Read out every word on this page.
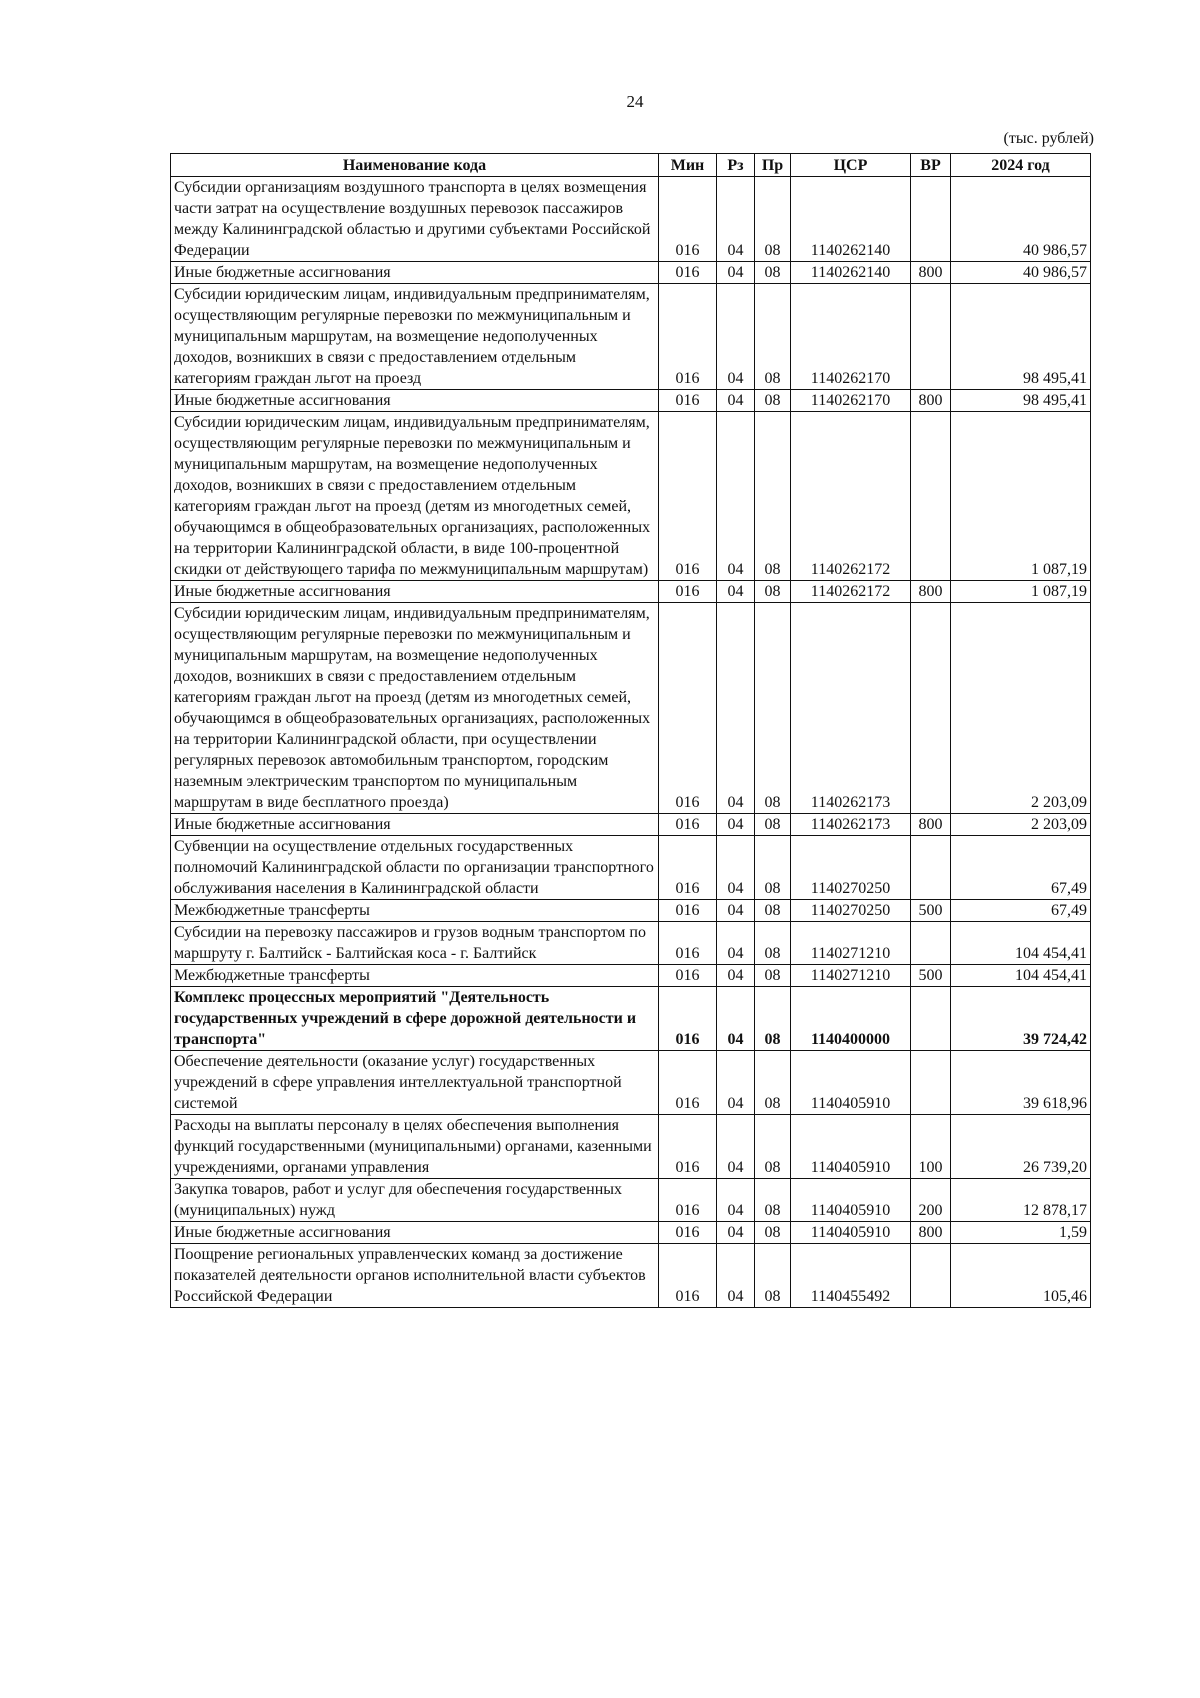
24
(тыс. рублей)
Наименование кода	Мин	Рз	Пр	ЦСР	ВР	2024 год
Субсидии организациям воздушного транспорта в целях возмещения части затрат на осуществление воздушных перевозок пассажиров между Калининградской областью и другими субъектами Российской Федерации	016	04	08	1140262140		40 986,57
Иные бюджетные ассигнования	016	04	08	1140262140	800	40 986,57
Субсидии юридическим лицам, индивидуальным предпринимателям, осуществляющим регулярные перевозки по межмуниципальным и муниципальным маршрутам, на возмещение недополученных доходов, возникших в связи с предоставлением отдельным категориям граждан льгот на проезд	016	04	08	1140262170		98 495,41
Иные бюджетные ассигнования	016	04	08	1140262170	800	98 495,41
Субсидии юридическим лицам, индивидуальным предпринимателям, осуществляющим регулярные перевозки по межмуниципальным и муниципальным маршрутам, на возмещение недополученных доходов, возникших в связи с предоставлением отдельным категориям граждан льгот на проезд (детям из многодетных семей, обучающимся в общеобразовательных организациях, расположенных на территории Калининградской области, в виде 100-процентной скидки от действующего тарифа по межмуниципальным маршрутам)	016	04	08	1140262172		1 087,19
Иные бюджетные ассигнования	016	04	08	1140262172	800	1 087,19
Субсидии юридическим лицам, индивидуальным предпринимателям, осуществляющим регулярные перевозки по межмуниципальным и муниципальным маршрутам, на возмещение недополученных доходов, возникших в связи с предоставлением отдельным категориям граждан льгот на проезд (детям из многодетных семей, обучающимся в общеобразовательных организациях, расположенных на территории Калининградской области, при осуществлении регулярных перевозок автомобильным транспортом, городским наземным электрическим транспортом по муниципальным маршрутам в виде бесплатного проезда)	016	04	08	1140262173		2 203,09
Иные бюджетные ассигнования	016	04	08	1140262173	800	2 203,09
Субвенции на осуществление отдельных государственных полномочий Калининградской области по организации транспортного обслуживания населения в Калининградской области	016	04	08	1140270250		67,49
Межбюджетные трансферты	016	04	08	1140270250	500	67,49
Субсидии на перевозку пассажиров и грузов водным транспортом по маршруту г. Балтийск - Балтийская коса - г. Балтийск	016	04	08	1140271210		104 454,41
Межбюджетные трансферты	016	04	08	1140271210	500	104 454,41
Комплекс процессных мероприятий "Деятельность государственных учреждений в сфере дорожной деятельности и транспорта"	016	04	08	1140400000		39 724,42
Обеспечение деятельности (оказание услуг) государственных учреждений в сфере управления интеллектуальной транспортной системой	016	04	08	1140405910		39 618,96
Расходы на выплаты персоналу в целях обеспечения выполнения функций государственными (муниципальными) органами, казенными учреждениями, органами управления	016	04	08	1140405910	100	26 739,20
Закупка товаров, работ и услуг для обеспечения государственных (муниципальных) нужд	016	04	08	1140405910	200	12 878,17
Иные бюджетные ассигнования	016	04	08	1140405910	800	1,59
Поощрение региональных управленческих команд за достижение показателей деятельности органов исполнительной власти субъектов Российской Федерации	016	04	08	1140455492		105,46
